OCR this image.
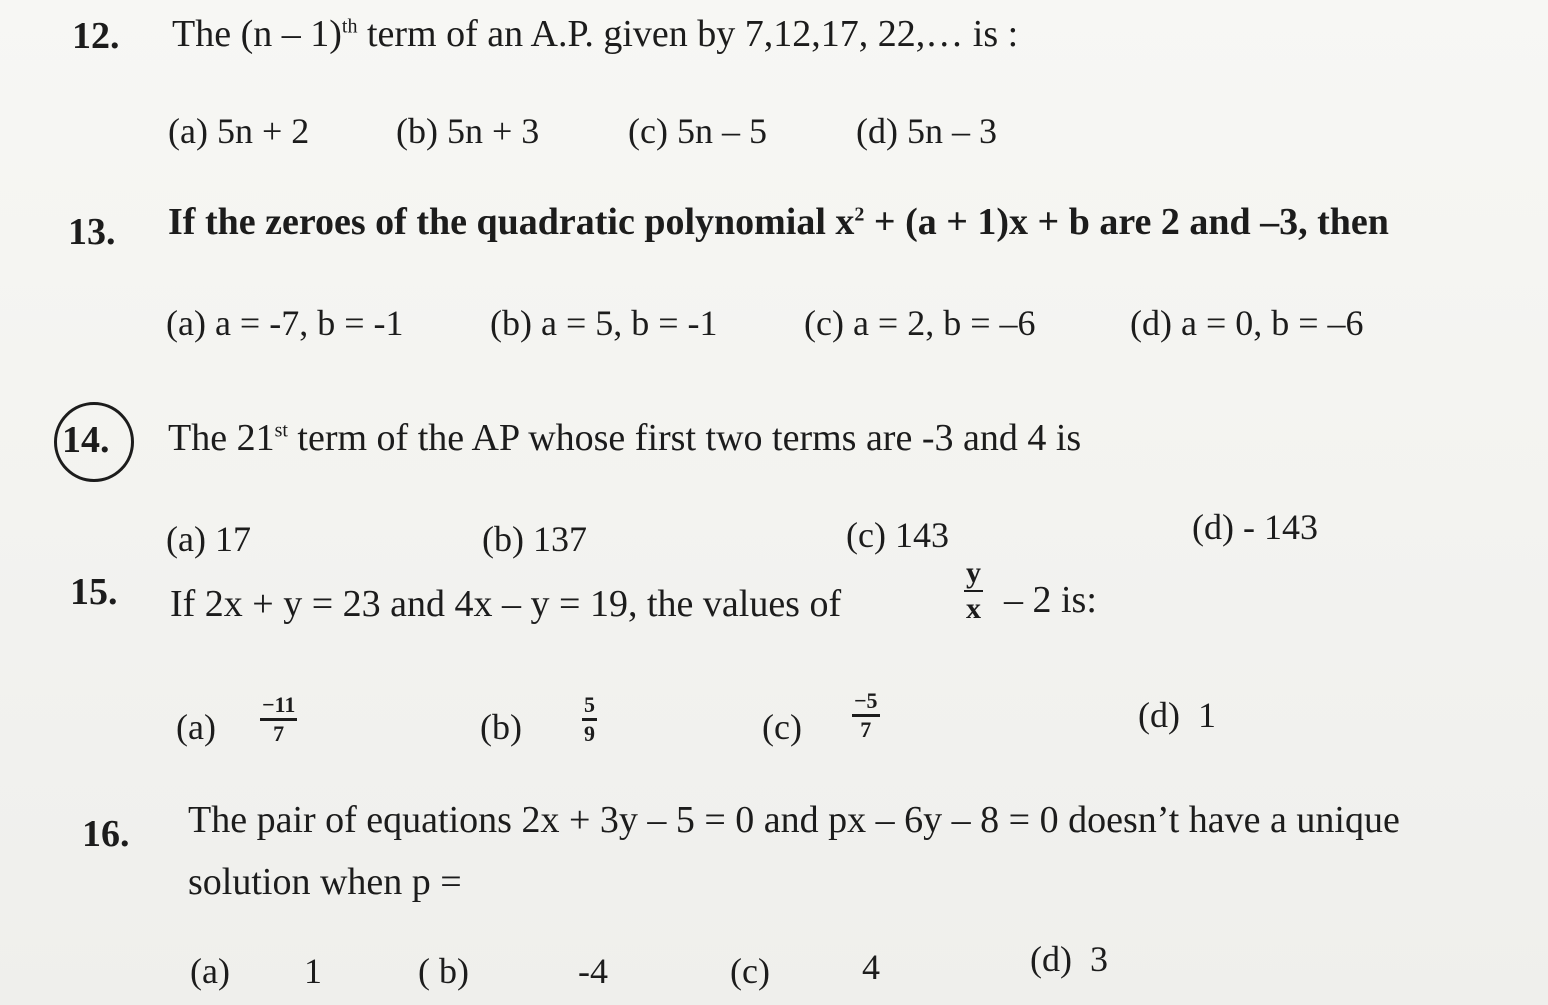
12. The (n – 1)$^{th}$ term of an A.P. given by 7,12,17, 22,… is :
(a) 5n + 2 (b) 5n + 3 (c) 5n – 5 (d) 5n – 3
13. If the zeroes of the quadratic polynomial $x^2 + (a + 1)x + b$ are 2 and –3, then
(a) a = -7, b = -1 (b) a = 5, b = -1 (c) a = 2, b = –6	(d) a = 0, b = –6
14. The 21st term of the AP whose first two terms are -3 and 4 is
(a) 17	(b) 137	(c) 143	(d) - 143
15. If 2x + y = 23 and 4x – y = 19, the values of	$\frac{y}{x} - 2$ is:
$(a) \frac{-11}{7}$	(b)	$\frac{5}{9}$	$(c) \frac{-5}{7}$	(d) 1
16. The pair of equations 2x + 3y – 5 = 0 and px – 6y – 8 = 0 doesn’t have a unique
solution when p =
(a) 1	( b)	-4	(c)	4	(d) 3
